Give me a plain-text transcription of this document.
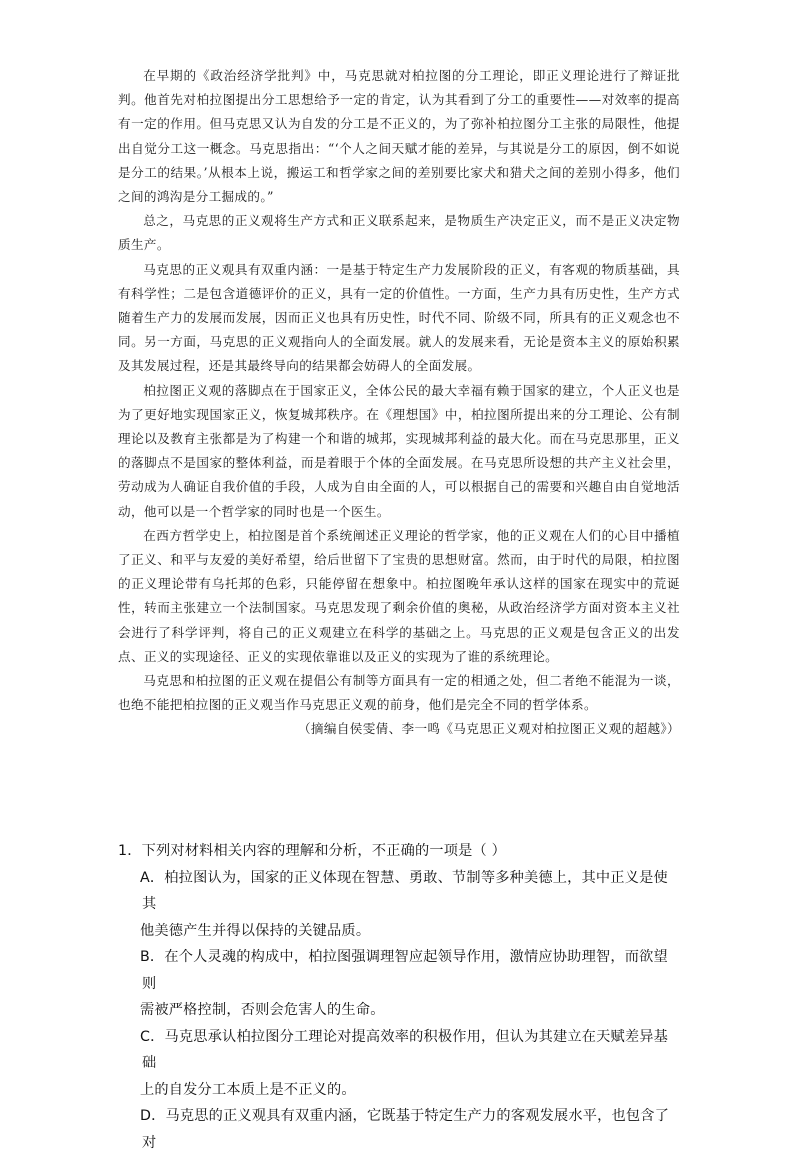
在早期的《政治经济学批判》中，马克思就对柏拉图的分工理论，即正义理论进行了辩证批判。他首先对柏拉图提出分工思想给予一定的肯定，认为其看到了分工的重要性——对效率的提高有一定的作用。但马克思又认为自发的分工是不正义的，为了弥补柏拉图分工主张的局限性，他提出自觉分工这一概念。马克思指出：“‘个人之间天赋才能的差异，与其说是分工的原因，倒不如说是分工的结果。’从根本上说，搬运工和哲学家之间的差别要比家犬和猎犬之间的差别小得多，他们之间的鸿沟是分工掘成的。”

总之，马克思的正义观将生产方式和正义联系起来，是物质生产决定正义，而不是正义决定物质生产。

马克思的正义观具有双重内涵：一是基于特定生产力发展阶段的正义，有客观的物质基础，具有科学性；二是包含道德评价的正义，具有一定的价值性。一方面，生产力具有历史性，生产方式随着生产力的发展而发展，因而正义也具有历史性，时代不同、阶级不同，所具有的正义观念也不同。另一方面，马克思的正义观指向人的全面发展。就人的发展来看，无论是资本主义的原始积累及其发展过程，还是其最终导向的结果都会妨碍人的全面发展。

柏拉图正义观的落脚点在于国家正义，全体公民的最大幸福有赖于国家的建立，个人正义也是为了更好地实现国家正义，恢复城邦秩序。在《理想国》中，柏拉图所提出来的分工理论、公有制理论以及教育主张都是为了构建一个和谐的城邦，实现城邦利益的最大化。而在马克思那里，正义的落脚点不是国家的整体利益，而是着眼于个体的全面发展。在马克思所设想的共产主义社会里，劳动成为人确证自我价值的手段，人成为自由全面的人，可以根据自己的需要和兴趣自由自觉地活动，他可以是一个哲学家的同时也是一个医生。

在西方哲学史上，柏拉图是首个系统阐述正义理论的哲学家，他的正义观在人们的心目中播植了正义、和平与友爱的美好希望，给后世留下了宝贵的思想财富。然而，由于时代的局限，柏拉图的正义理论带有乌托邦的色彩，只能停留在想象中。柏拉图晚年承认这样的国家在现实中的荒诞性，转而主张建立一个法制国家。马克思发现了剩余价值的奥秘，从政治经济学方面对资本主义社会进行了科学评判，将自己的正义观建立在科学的基础之上。马克思的正义观是包含正义的出发点、正义的实现途径、正义的实现依靠谁以及正义的实现为了谁的系统理论。

马克思和柏拉图的正义观在提倡公有制等方面具有一定的相通之处，但二者绝不能混为一谈，也绝不能把柏拉图的正义观当作马克思正义观的前身，他们是完全不同的哲学体系。

（摘编自侯雯倩、李一鸣《马克思正义观对柏拉图正义观的超越》）

1．下列对材料相关内容的理解和分析，不正确的一项是（ ）

A．柏拉图认为，国家的正义体现在智慧、勇敢、节制等多种美德上，其中正义是使其
他美德产生并得以保持的关键品质。
B．在个人灵魂的构成中，柏拉图强调理智应起领导作用，激情应协助理智，而欲望则
需被严格控制，否则会危害人的生命。
C．马克思承认柏拉图分工理论对提高效率的积极作用，但认为其建立在天赋差异基础
上的自发分工本质上是不正义的。
D．马克思的正义观具有双重内涵，它既基于特定生产力的客观发展水平，也包含了对
